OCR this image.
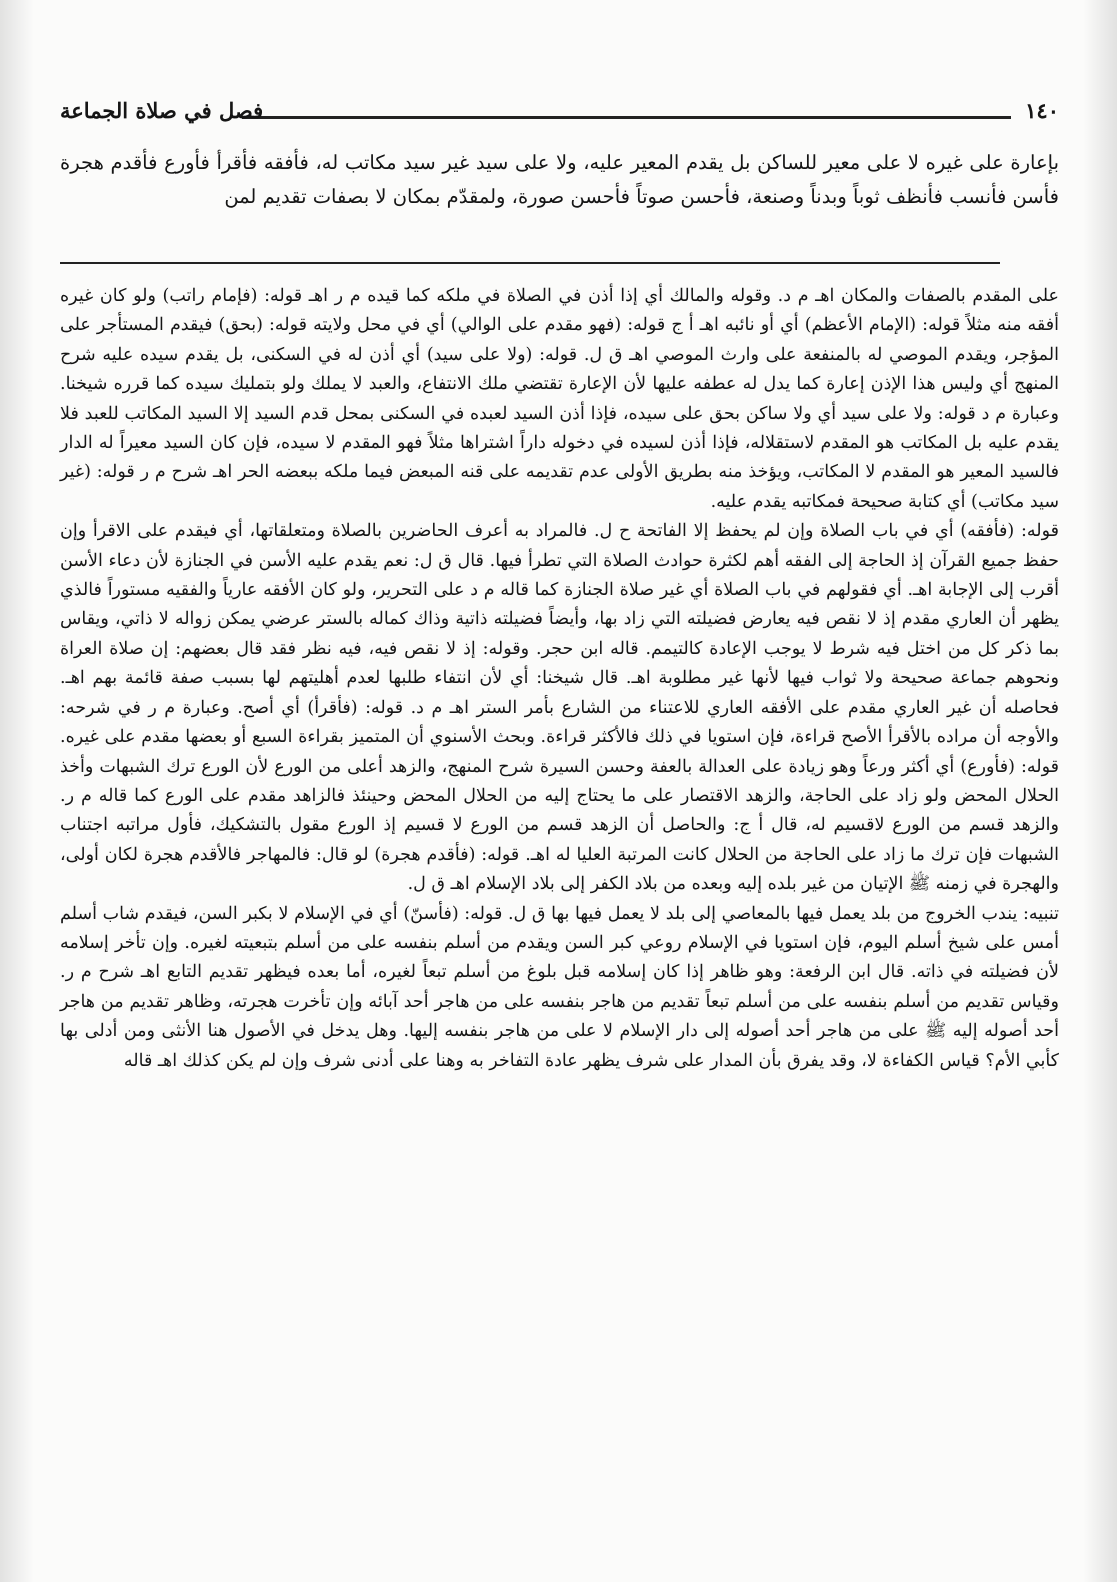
١٤٠
فصل في صلاة الجماعة

بإعارة على غيره لا على معير للساكن بل يقدم المعير عليه، ولا على سيد غير سيد مكاتب له، فأفقه فأقرأ فأورع فأقدم هجرة فأسن فأنسب فأنظف ثوباً وبدناً وصنعة، فأحسن صوتاً فأحسن صورة، ولمقدّم بمكان لا بصفات تقديم لمن

على المقدم بالصفات والمكان اهـ م د. وقوله والمالك أي إذا أذن في الصلاة في ملكه كما قيده م ر اهـ قوله: (فإمام راتب) ولو كان غيره أفقه منه مثلاً قوله: (الإمام الأعظم) أي أو نائبه اهـ أ ج قوله: (فهو مقدم على الوالي) أي في محل ولايته قوله: (بحق) فيقدم المستأجر على المؤجر، ويقدم الموصي له بالمنفعة على وارث الموصي اهـ ق ل. قوله: (ولا على سيد) أي أذن له في السكنى، بل يقدم سيده عليه شرح المنهج أي وليس هذا الإذن إعارة كما يدل له عطفه عليها لأن الإعارة تقتضي ملك الانتفاع، والعبد لا يملك ولو بتمليك سيده كما قرره شيخنا. وعبارة م د قوله: ولا على سيد أي ولا ساكن بحق على سيده، فإذا أذن السيد لعبده في السكنى بمحل قدم السيد إلا السيد المكاتب للعبد فلا يقدم عليه بل المكاتب هو المقدم لاستقلاله، فإذا أذن لسيده في دخوله داراً اشتراها مثلاً فهو المقدم لا سيده، فإن كان السيد معيراً له الدار فالسيد المعير هو المقدم لا المكاتب، ويؤخذ منه بطريق الأولى عدم تقديمه على قنه المبعض فيما ملكه ببعضه الحر اهـ شرح م ر قوله: (غير سيد مكاتب) أي كتابة صحيحة فمكاتبه يقدم عليه.

قوله: (فأفقه) أي في باب الصلاة وإن لم يحفظ إلا الفاتحة ح ل. فالمراد به أعرف الحاضرين بالصلاة ومتعلقاتها، أي فيقدم على الاقرأ وإن حفظ جميع القرآن إذ الحاجة إلى الفقه أهم لكثرة حوادث الصلاة التي تطرأ فيها. قال ق ل: نعم يقدم عليه الأسن في الجنازة لأن دعاء الأسن أقرب إلى الإجابة اهـ. أي فقولهم في باب الصلاة أي غير صلاة الجنازة كما قاله م د على التحرير، ولو كان الأفقه عارياً والفقيه مستوراً فالذي يظهر أن العاري مقدم إذ لا نقص فيه يعارض فضيلته التي زاد بها، وأيضاً فضيلته ذاتية وذاك كماله بالستر عرضي يمكن زواله لا ذاتي، ويقاس بما ذكر كل من اختل فيه شرط لا يوجب الإعادة كالتيمم. قاله ابن حجر. وقوله: إذ لا نقص فيه، فيه نظر فقد قال بعضهم: إن صلاة العراة ونحوهم جماعة صحيحة ولا ثواب فيها لأنها غير مطلوبة اهـ. قال شيخنا: أي لأن انتفاء طلبها لعدم أهليتهم لها بسبب صفة قائمة بهم اهـ. فحاصله أن غير العاري مقدم على الأفقه العاري للاعتناء من الشارع بأمر الستر اهـ م د. قوله: (فأقرأ) أي أصح. وعبارة م ر في شرحه: والأوجه أن مراده بالأقرأ الأصح قراءة، فإن استويا في ذلك فالأكثر قراءة. وبحث الأسنوي أن المتميز بقراءة السبع أو بعضها مقدم على غيره. قوله: (فأورع) أي أكثر ورعاً وهو زيادة على العدالة بالعفة وحسن السيرة شرح المنهج، والزهد أعلى من الورع لأن الورع ترك الشبهات وأخذ الحلال المحض ولو زاد على الحاجة، والزهد الاقتصار على ما يحتاج إليه من الحلال المحض وحينئذ فالزاهد مقدم على الورع كما قاله م ر. والزهد قسم من الورع لاقسيم له، قال أ ج: والحاصل أن الزهد قسم من الورع لا قسيم إذ الورع مقول بالتشكيك، فأول مراتبه اجتناب الشبهات فإن ترك ما زاد على الحاجة من الحلال كانت المرتبة العليا له اهـ. قوله: (فأقدم هجرة) لو قال: فالمهاجر فالأقدم هجرة لكان أولى، والهجرة في زمنه ﷺ الإتيان من غير بلده إليه وبعده من بلاد الكفر إلى بلاد الإسلام اهـ ق ل.

تنبيه: يندب الخروج من بلد يعمل فيها بالمعاصي إلى بلد لا يعمل فيها بها ق ل. قوله: (فأسنّ) أي في الإسلام لا بكبر السن، فيقدم شاب أسلم أمس على شيخ أسلم اليوم، فإن استويا في الإسلام روعي كبر السن ويقدم من أسلم بنفسه على من أسلم بتبعيته لغيره. وإن تأخر إسلامه لأن فضيلته في ذاته. قال ابن الرفعة: وهو ظاهر إذا كان إسلامه قبل بلوغ من أسلم تبعاً لغيره، أما بعده فيظهر تقديم التابع اهـ شرح م ر. وقياس تقديم من أسلم بنفسه على من أسلم تبعاً تقديم من هاجر بنفسه على من هاجر أحد آبائه وإن تأخرت هجرته، وظاهر تقديم من هاجر أحد أصوله إليه ﷺ على من هاجر أحد أصوله إلى دار الإسلام لا على من هاجر بنفسه إليها. وهل يدخل في الأصول هنا الأنثى ومن أدلى بها كأبي الأم؟ قياس الكفاءة لا، وقد يفرق بأن المدار على شرف يظهر عادة التفاخر به وهنا على أدنى شرف وإن لم يكن كذلك اهـ قاله
